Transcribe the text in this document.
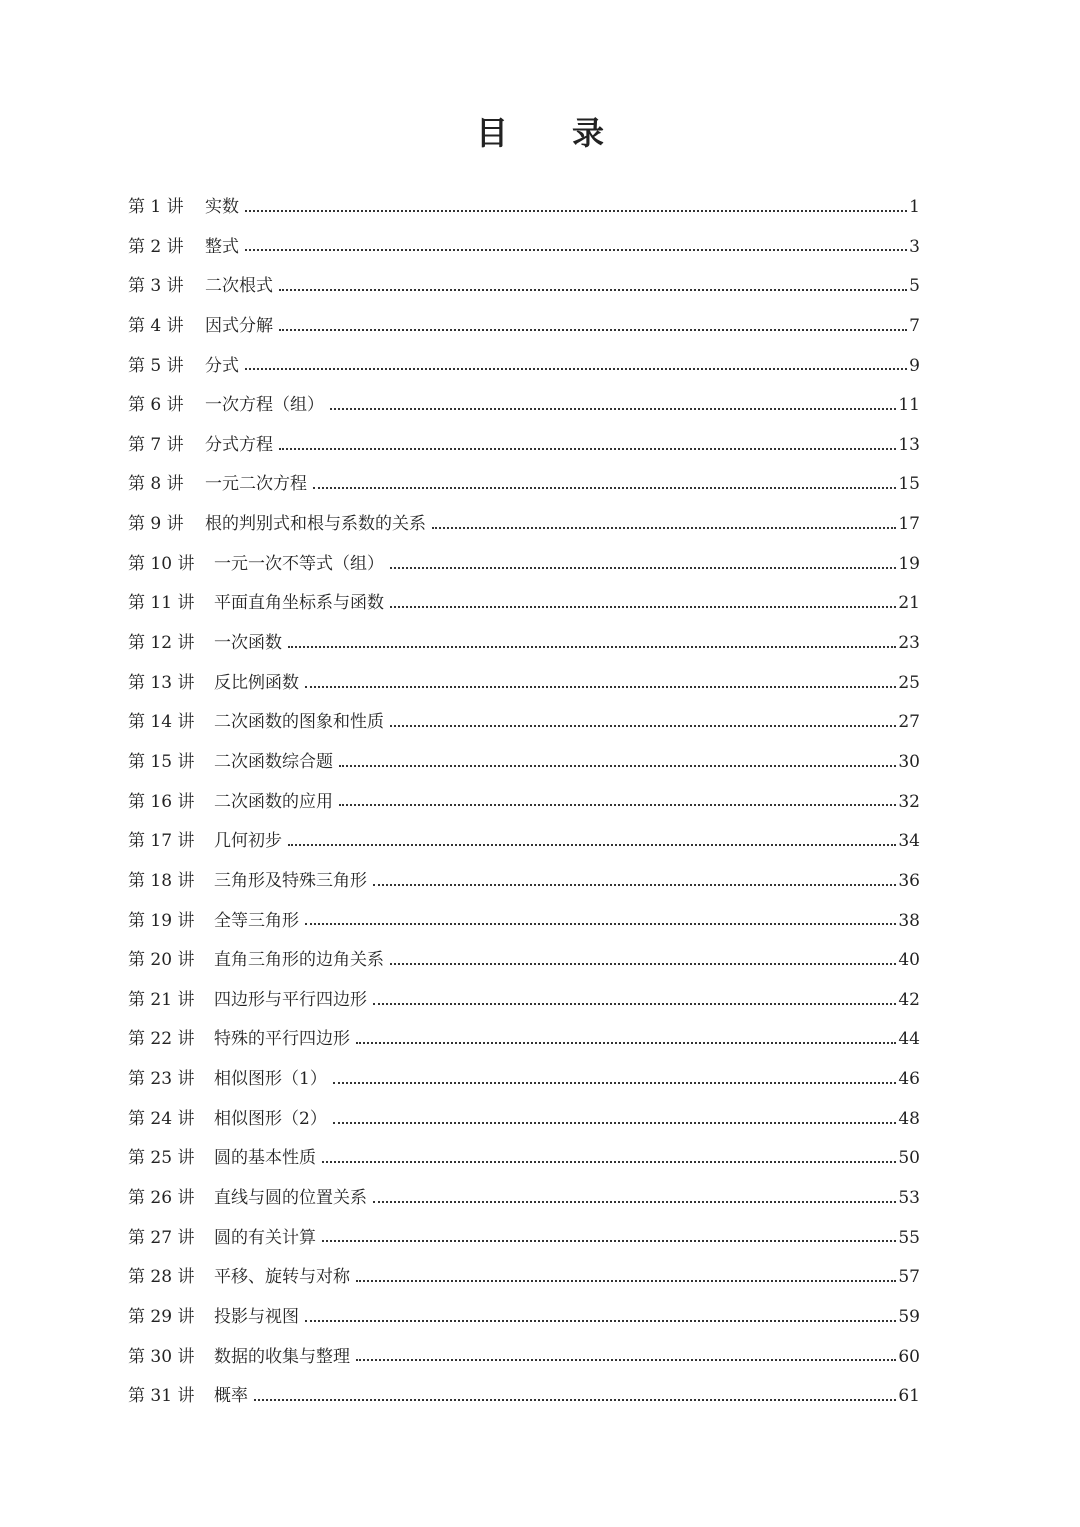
目 录
第 1 讲	实数	1
第 2 讲	整式	3
第 3 讲	二次根式	5
第 4 讲	因式分解	7
第 5 讲	分式	9
第 6 讲	一次方程（组）	11
第 7 讲	分式方程	13
第 8 讲	一元二次方程	15
第 9 讲	根的判别式和根与系数的关系	17
第 10 讲	一元一次不等式（组）	19
第 11 讲	平面直角坐标系与函数	21
第 12 讲	一次函数	23
第 13 讲	反比例函数	25
第 14 讲	二次函数的图象和性质	27
第 15 讲	二次函数综合题	30
第 16 讲	二次函数的应用	32
第 17 讲	几何初步	34
第 18 讲	三角形及特殊三角形	36
第 19 讲	全等三角形	38
第 20 讲	直角三角形的边角关系	40
第 21 讲	四边形与平行四边形	42
第 22 讲	特殊的平行四边形	44
第 23 讲	相似图形（1）	46
第 24 讲	相似图形（2）	48
第 25 讲	圆的基本性质	50
第 26 讲	直线与圆的位置关系	53
第 27 讲	圆的有关计算	55
第 28 讲	平移、旋转与对称	57
第 29 讲	投影与视图	59
第 30 讲	数据的收集与整理	60
第 31 讲	概率	61
